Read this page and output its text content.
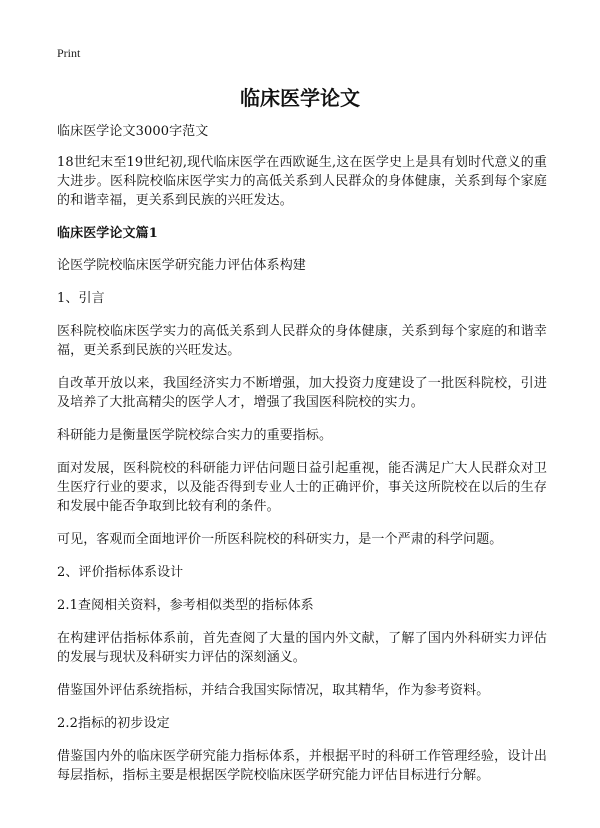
Print
临床医学论文

临床医学论文3000字范文

18世纪末至19世纪初,现代临床医学在西欧诞生,这在医学史上是具有划时代意义的重大进步。医科院校临床医学实力的高低关系到人民群众的身体健康，关系到每个家庭的和谐幸福，更关系到民族的兴旺发达。

临床医学论文篇1

论医学院校临床医学研究能力评估体系构建

1、引言

医科院校临床医学实力的高低关系到人民群众的身体健康，关系到每个家庭的和谐幸福，更关系到民族的兴旺发达。

自改革开放以来，我国经济实力不断增强，加大投资力度建设了一批医科院校，引进及培养了大批高精尖的医学人才，增强了我国医科院校的实力。

科研能力是衡量医学院校综合实力的重要指标。

面对发展，医科院校的科研能力评估问题日益引起重视，能否满足广大人民群众对卫生医疗行业的要求，以及能否得到专业人士的正确评价，事关这所院校在以后的生存和发展中能否争取到比较有利的条件。

可见，客观而全面地评价一所医科院校的科研实力，是一个严肃的科学问题。

2、评价指标体系设计

2.1查阅相关资料，参考相似类型的指标体系

在构建评估指标体系前，首先查阅了大量的国内外文献，了解了国内外科研实力评估的发展与现状及科研实力评估的深刻涵义。

借鉴国外评估系统指标，并结合我国实际情况，取其精华，作为参考资料。

2.2指标的初步设定

借鉴国内外的临床医学研究能力指标体系，并根据平时的科研工作管理经验，设计出每层指标，指标主要是根据医学院校临床医学研究能力评估目标进行分解。
